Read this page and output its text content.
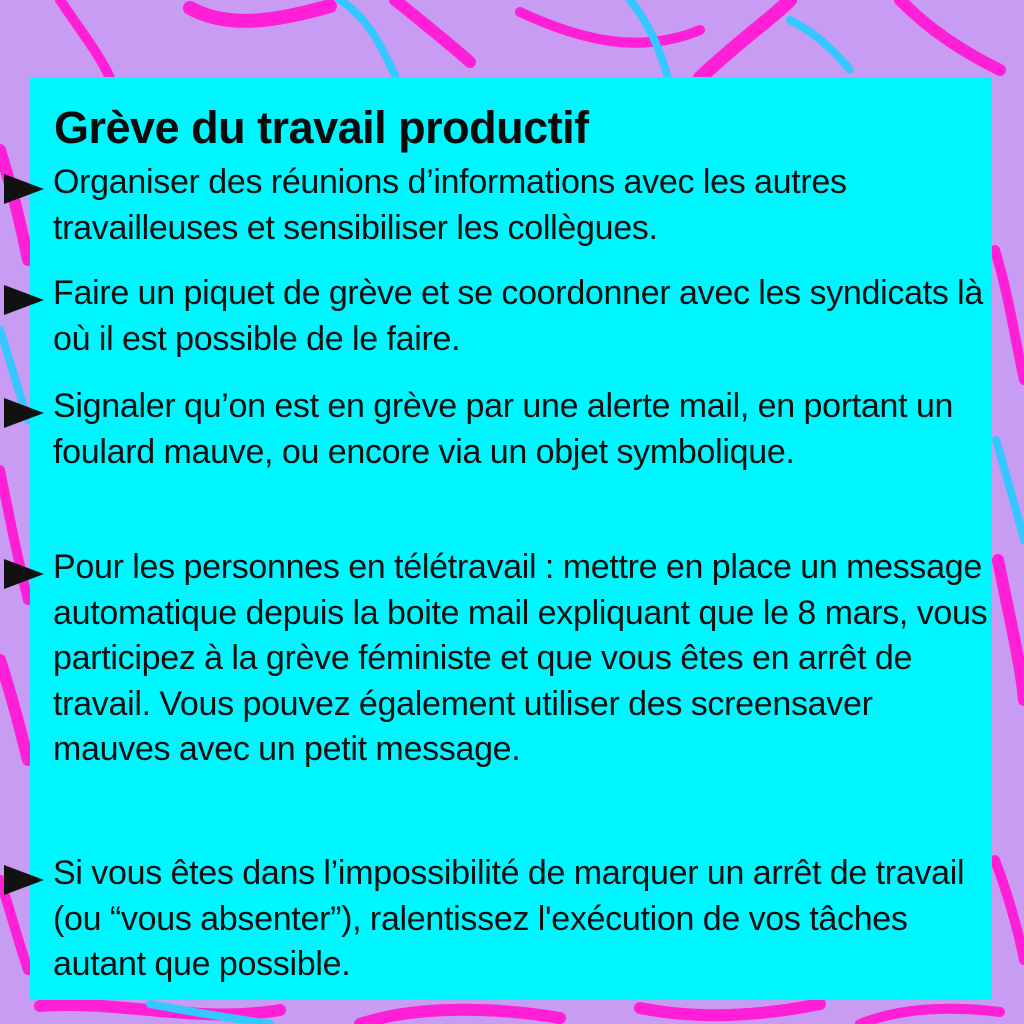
Grève du travail productif
Organiser des réunions d’informations avec les autres travailleuses et sensibiliser les collègues.
Faire un piquet de grève et se coordonner avec les syndicats là où il est possible de le faire.
Signaler qu’on est en grève par une alerte mail, en portant un foulard mauve, ou encore via un objet symbolique.
Pour les personnes en télétravail : mettre en place un message automatique depuis la boite mail expliquant que le 8 mars, vous participez à la grève féministe et que vous êtes en arrêt de travail. Vous pouvez également utiliser des screensaver mauves avec un petit message.
Si vous êtes dans l’impossibilité de marquer un arrêt de travail (ou “vous absenter”), ralentissez l'exécution de vos tâches autant que possible.
